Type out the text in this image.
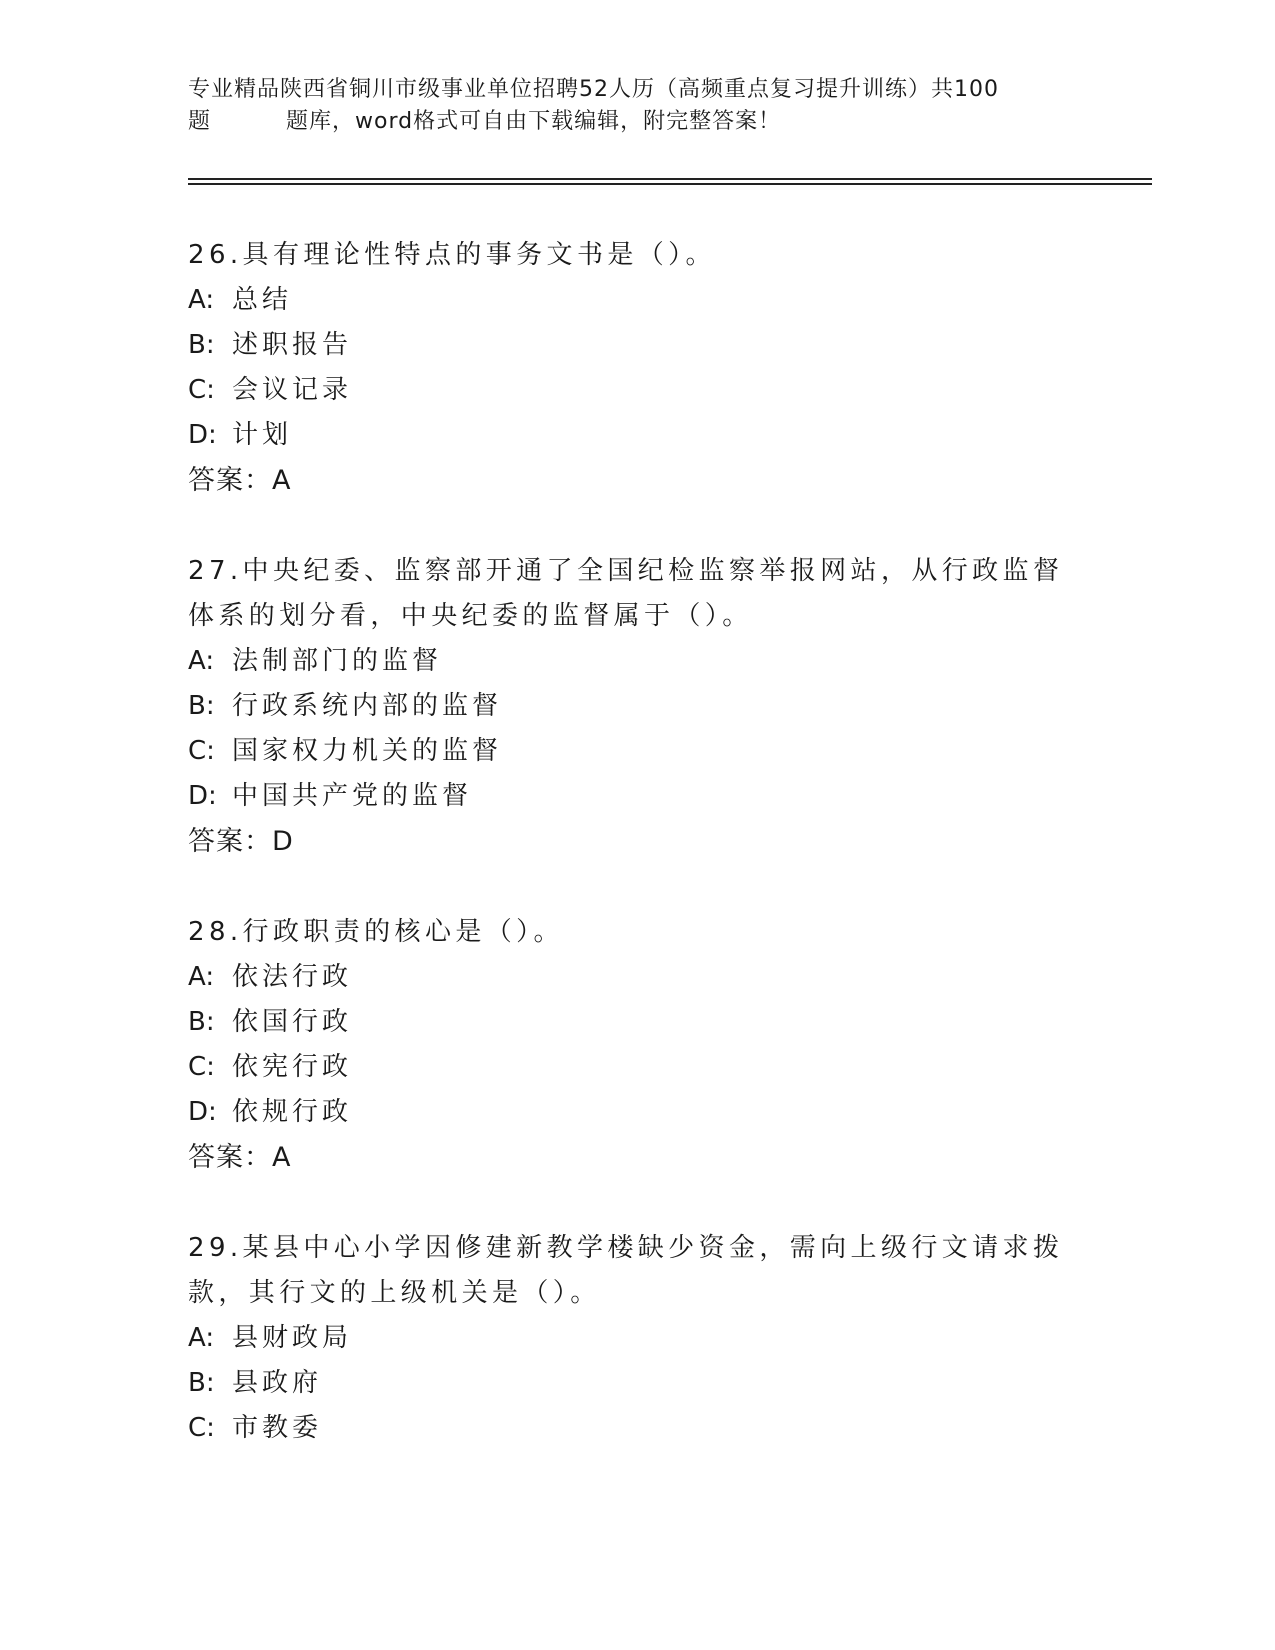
专业精品陕西省铜川市级事业单位招聘52人历（高频重点复习提升训练）共100
题	题库，word格式可自由下载编辑，附完整答案！
26.具有理论性特点的事务文书是（）。
A: 总结
B: 述职报告
C: 会议记录
D: 计划
答案：A
27.中央纪委、监察部开通了全国纪检监察举报网站，从行政监督体系的划分看，中央纪委的监督属于（）。
A: 法制部门的监督
B: 行政系统内部的监督
C: 国家权力机关的监督
D: 中国共产党的监督
答案：D
28.行政职责的核心是（）。
A: 依法行政
B: 依国行政
C: 依宪行政
D: 依规行政
答案：A
29.某县中心小学因修建新教学楼缺少资金，需向上级行文请求拨款，其行文的上级机关是（）。
A: 县财政局
B: 县政府
C: 市教委
